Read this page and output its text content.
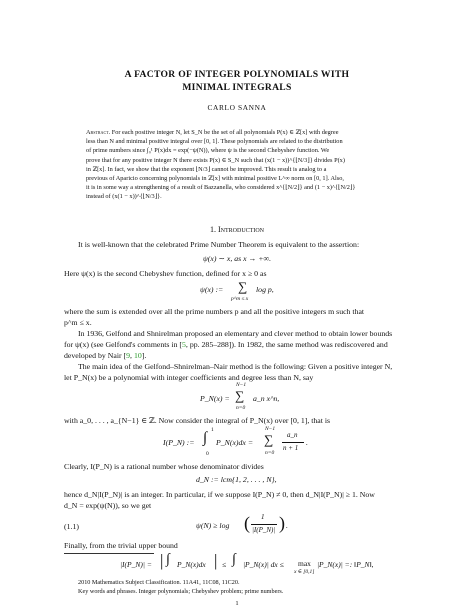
A FACTOR OF INTEGER POLYNOMIALS WITH
MINIMAL INTEGRALS
CARLO SANNA
Abstract. For each positive integer N, let S_N be the set of all polynomials P(x) ∈ ℤ[x] with degree
less than N and minimal positive integral over [0, 1]. These polynomials are related to the distribution
of prime numbers since ∫₀¹ P(x)dx = exp(−ψ(N)), where ψ is the second Chebyshev function. We
prove that for any positive integer N there exists P(x) ∈ S_N such that (x(1 − x))^{⌊N/3⌋} divides P(x)
in ℤ[x]. In fact, we show that the exponent ⌊N/3⌋ cannot be improved. This result is analog to a
previous of Aparicio concerning polynomials in ℤ[x] with minimal positive L^∞ norm on [0, 1]. Also,
it is in some way a strengthening of a result of Bazzanella, who considered x^{⌊N/2⌋} and (1 − x)^{⌊N/2⌋}
instead of (x(1 − x))^{⌊N/3⌋}.
1. Introduction
It is well-known that the celebrated Prime Number Theorem is equivalent to the assertion:
ψ(x) ∼ x, as x → +∞.
Here ψ(x) is the second Chebyshev function, defined for x ≥ 0 as
ψ(x) := ∑
p^m ≤ x
log p,
where the sum is extended over all the prime numbers p and all the positive integers m such that
p^m ≤ x.
In 1936, Gelfond and Shnirelman proposed an elementary and clever method to obtain lower bounds
for ψ(x) (see Gelfond's comments in [5, pp. 285–288]). In 1982, the same method was rediscovered and
developed by Nair [9, 10].
The main idea of the Gelfond–Shnirelman–Nair method is the following: Given a positive integer N,
let P_N(x) be a polynomial with integer coefficients and degree less than N, say
P_N(x) =
N−1
∑
n=0
a_n x^n,
with a_0, . . . , a_{N−1} ∈ ℤ. Now consider the integral of P_N(x) over [0, 1], that is
I(P_N) :=
1
∫
0
P_N(x)dx =
N−1
∑
n=0
a_n
n + 1
.
Clearly, I(P_N) is a rational number whose denominator divides
d_N := lcm{1, 2, . . . , N},
hence d_N|I(P_N)| is an integer. In particular, if we suppose I(P_N) ≠ 0, then d_N|I(P_N)| ≥ 1. Now
d_N = exp(ψ(N)), so we get
(1.1)	ψ(N) ≥ log ( 1
|I(P_N)| ) .
Finally, from the trivial upper bound
|I(P_N)| = | ∫ P_N(x)dx | ≤ ∫ |P_N(x)| dx ≤ max
x ∈ [0,1]
|P_N(x)| =: ‖P_N‖,
2010 Mathematics Subject Classification. 11A41, 11C08, 11C20.
Key words and phrases. Integer polynomials; Chebyshev problem; prime numbers.
1
